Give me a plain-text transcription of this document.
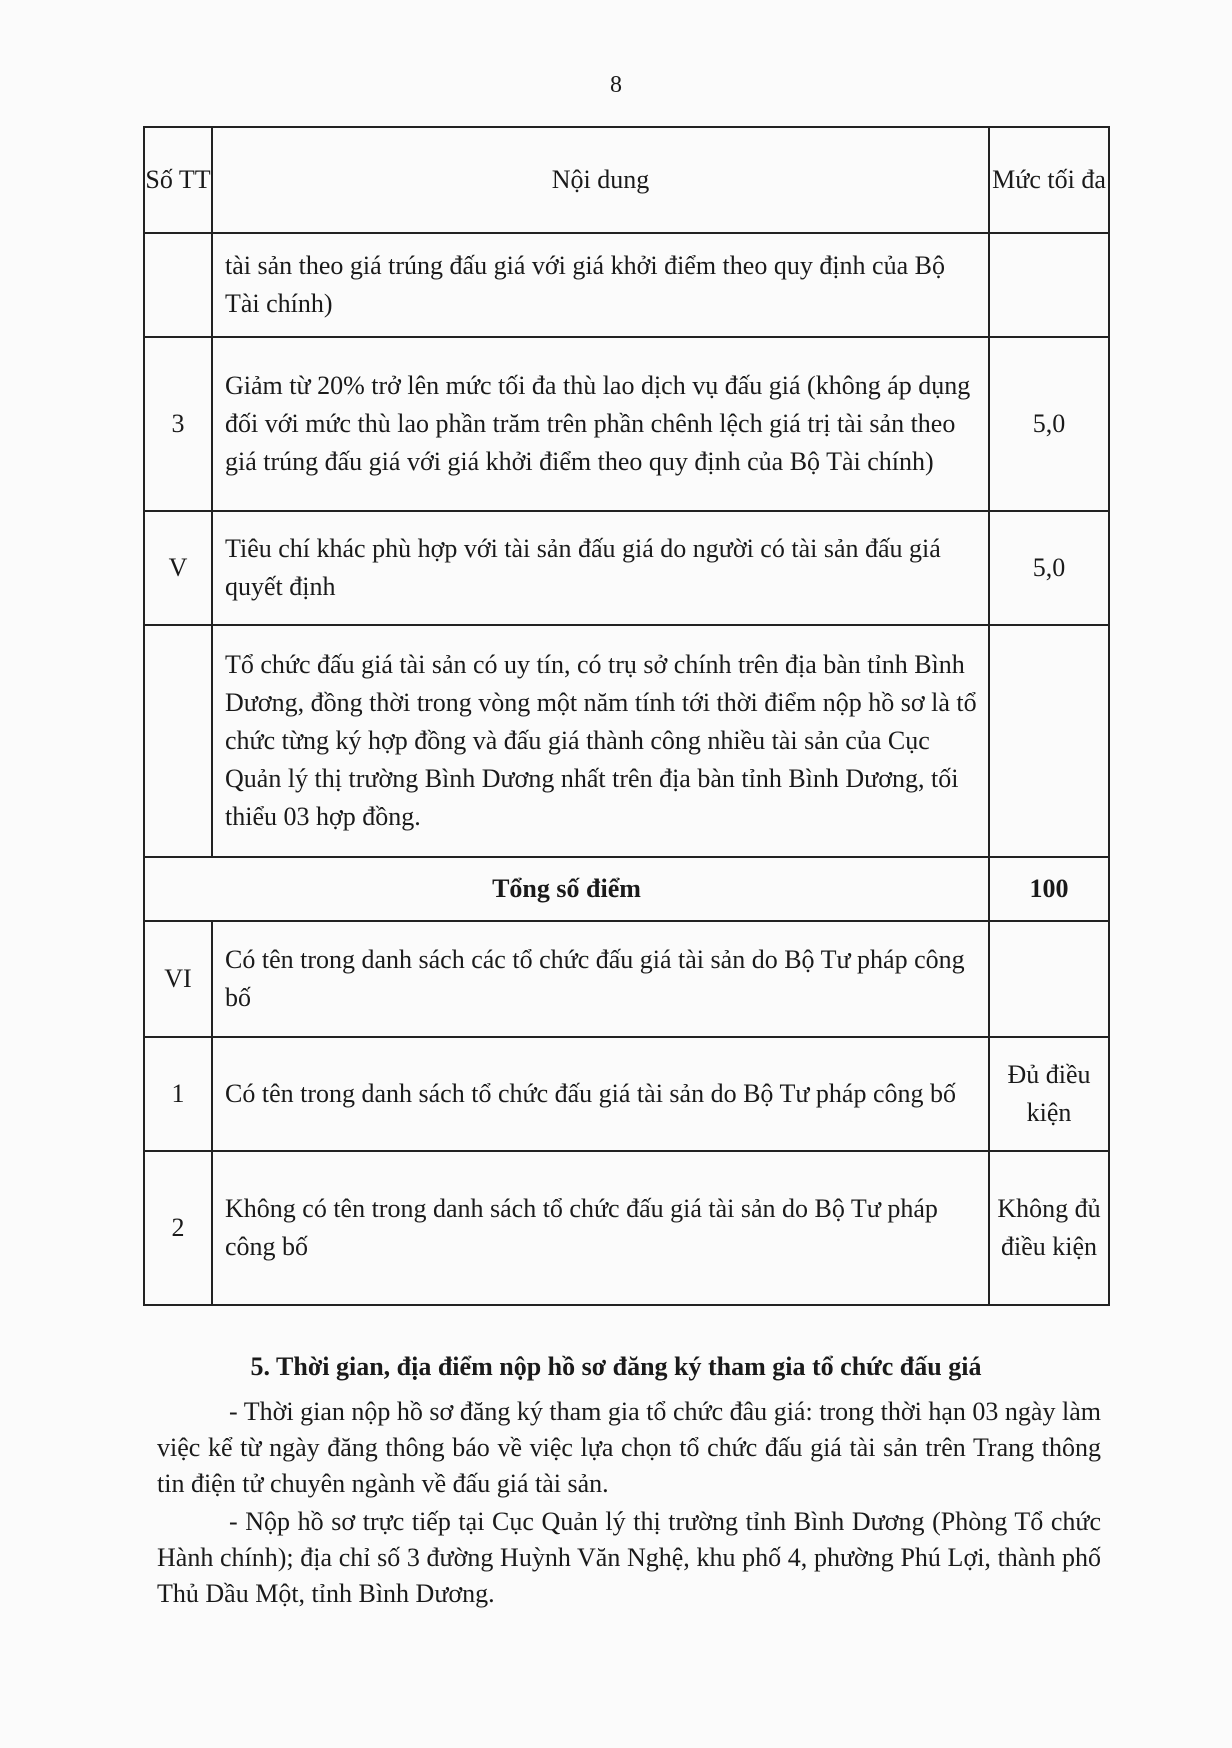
8
Số TT	Nội dung	Mức tối đa
	tài sản theo giá trúng đấu giá với giá khởi điểm theo quy định của Bộ Tài chính)	
3	Giảm từ 20% trở lên mức tối đa thù lao dịch vụ đấu giá (không áp dụng đối với mức thù lao phần trăm trên phần chênh lệch giá trị tài sản theo giá trúng đấu giá với giá khởi điểm theo quy định của Bộ Tài chính)	5,0
V	Tiêu chí khác phù hợp với tài sản đấu giá do người có tài sản đấu giá quyết định	5,0
	Tổ chức đấu giá tài sản có uy tín, có trụ sở chính trên địa bàn tỉnh Bình Dương, đồng thời trong vòng một năm tính tới thời điểm nộp hồ sơ là tổ chức từng ký hợp đồng và đấu giá thành công nhiều tài sản của Cục Quản lý thị trường Bình Dương nhất trên địa bàn tỉnh Bình Dương, tối thiểu 03 hợp đồng.	
Tổng số điểm		100
VI	Có tên trong danh sách các tổ chức đấu giá tài sản do Bộ Tư pháp công bố	
1	Có tên trong danh sách tổ chức đấu giá tài sản do Bộ Tư pháp công bố	Đủ điều kiện
2	Không có tên trong danh sách tổ chức đấu giá tài sản do Bộ Tư pháp công bố	Không đủ điều kiện
5. Thời gian, địa điểm nộp hồ sơ đăng ký tham gia tổ chức đấu giá
- Thời gian nộp hồ sơ đăng ký tham gia tổ chức đâu giá: trong thời hạn 03 ngày làm việc kể từ ngày đăng thông báo về việc lựa chọn tổ chức đấu giá tài sản trên Trang thông tin điện tử chuyên ngành về đấu giá tài sản.
- Nộp hồ sơ trực tiếp tại Cục Quản lý thị trường tỉnh Bình Dương (Phòng Tổ chức Hành chính); địa chỉ số 3 đường Huỳnh Văn Nghệ, khu phố 4, phường Phú Lợi, thành phố Thủ Dầu Một, tỉnh Bình Dương.
